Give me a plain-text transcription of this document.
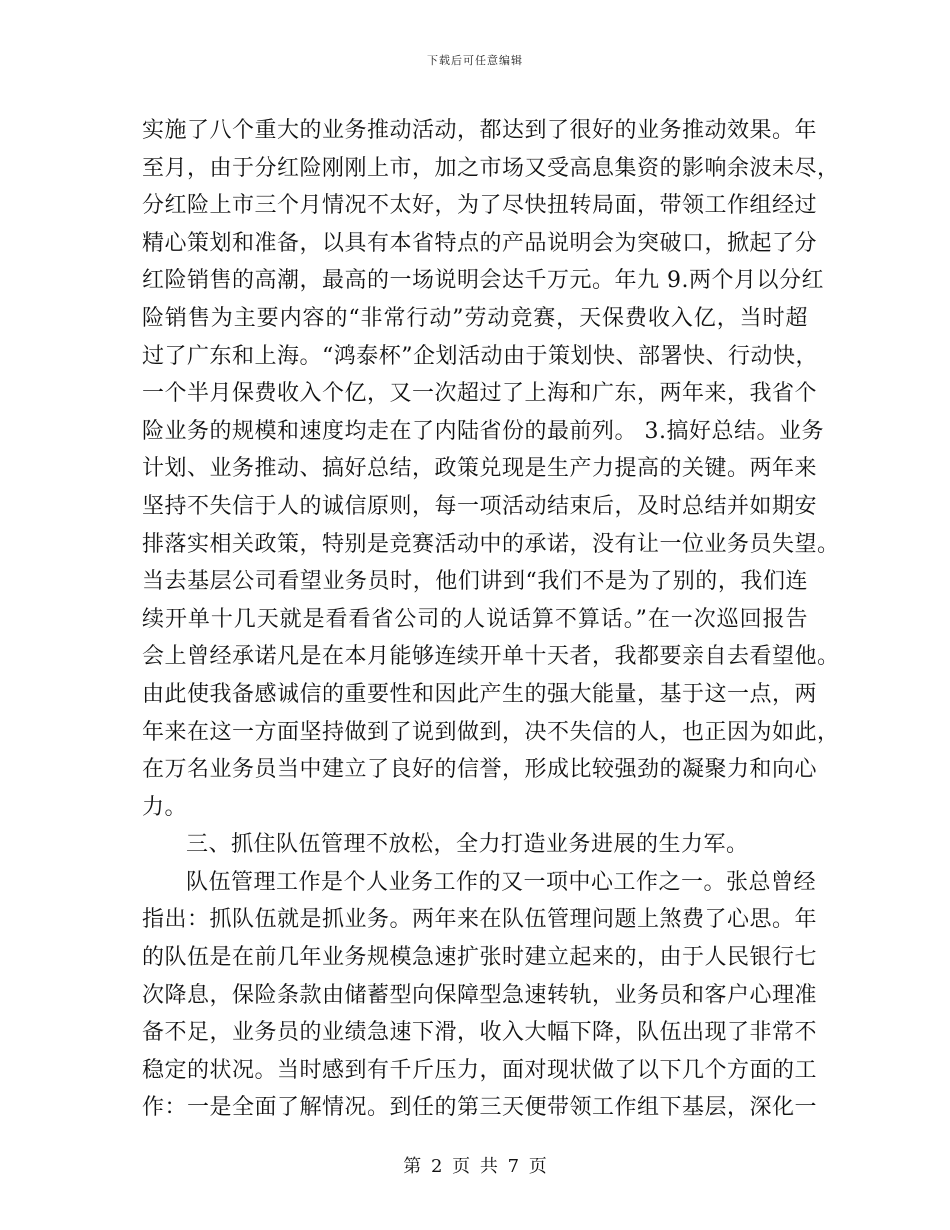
下载后可任意编辑
实施了八个重大的业务推动活动，都达到了很好的业务推动效果。年
至月，由于分红险刚刚上市，加之市场又受高息集资的影响余波未尽，
分红险上市三个月情况不太好，为了尽快扭转局面，带领工作组经过
精心策划和准备，以具有本省特点的产品说明会为突破口，掀起了分
红险销售的高潮，最高的一场说明会达千万元。年九 9.两个月以分红
险销售为主要内容的“非常行动”劳动竞赛，天保费收入亿，当时超
过了广东和上海。“鸿泰杯”企划活动由于策划快、部署快、行动快，
一个半月保费收入个亿，又一次超过了上海和广东，两年来，我省个
险业务的规模和速度均走在了内陆省份的最前列。 3.搞好总结。业务
计划、业务推动、搞好总结，政策兑现是生产力提高的关键。两年来
坚持不失信于人的诚信原则，每一项活动结束后，及时总结并如期安
排落实相关政策，特别是竞赛活动中的承诺，没有让一位业务员失望。
当去基层公司看望业务员时，他们讲到“我们不是为了别的，我们连
续开单十几天就是看看省公司的人说话算不算话。”在一次巡回报告
会上曾经承诺凡是在本月能够连续开单十天者，我都要亲自去看望他。
由此使我备感诚信的重要性和因此产生的强大能量，基于这一点，两
年来在这一方面坚持做到了说到做到，决不失信的人，也正因为如此，
在万名业务员当中建立了良好的信誉，形成比较强劲的凝聚力和向心
力。
三、抓住队伍管理不放松，全力打造业务进展的生力军。
队伍管理工作是个人业务工作的又一项中心工作之一。张总曾经
指出：抓队伍就是抓业务。两年来在队伍管理问题上煞费了心思。年
的队伍是在前几年业务规模急速扩张时建立起来的，由于人民银行七
次降息，保险条款由储蓄型向保障型急速转轨，业务员和客户心理准
备不足，业务员的业绩急速下滑，收入大幅下降，队伍出现了非常不
稳定的状况。当时感到有千斤压力，面对现状做了以下几个方面的工
作：一是全面了解情况。到任的第三天便带领工作组下基层，深化一
第 2 页 共 7 页
